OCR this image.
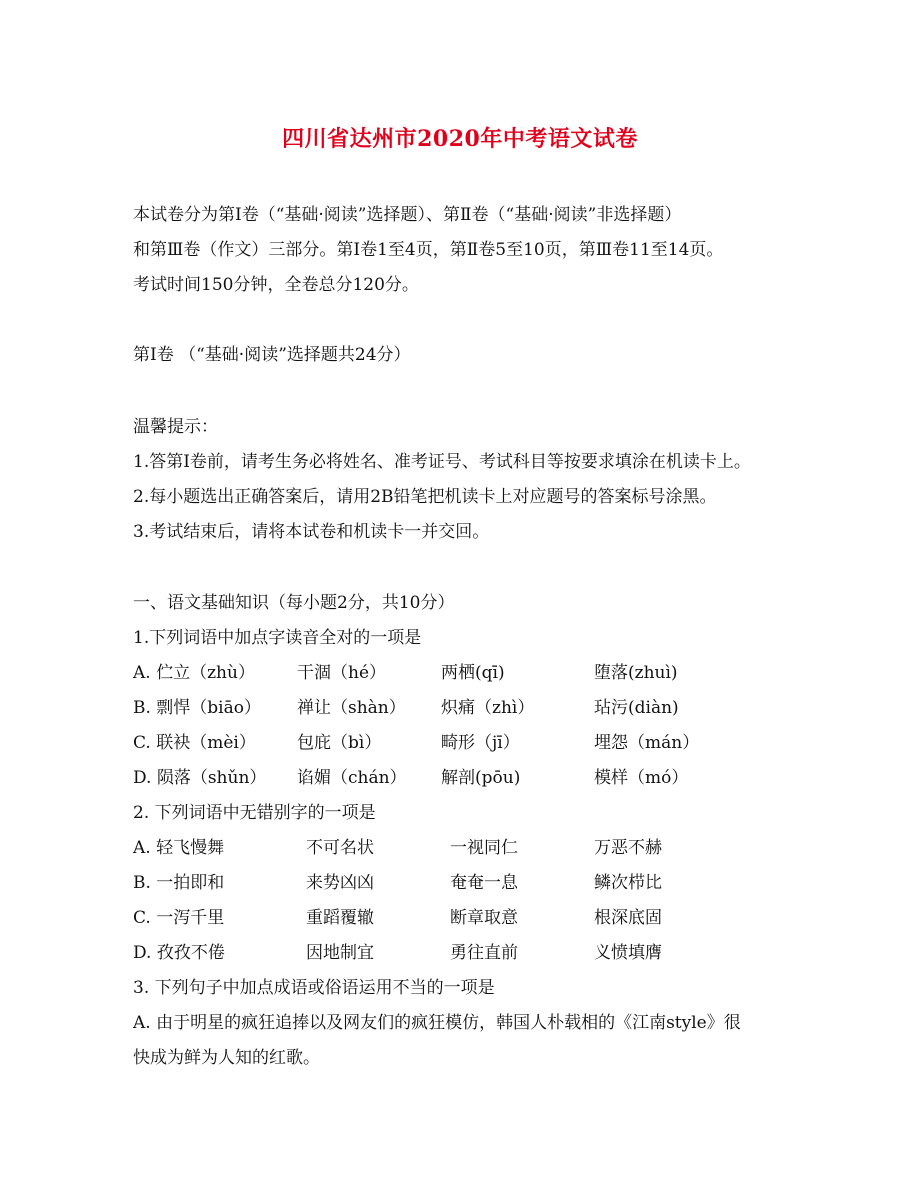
四川省达州市2020年中考语文试卷
本试卷分为第Ⅰ卷（“基础·阅读”选择题）、第Ⅱ卷（“基础·阅读”非选择题）
和第Ⅲ卷（作文）三部分。第Ⅰ卷1至4页，第Ⅱ卷5至10页，第Ⅲ卷11至14页。
考试时间150分钟，全卷总分120分。
第Ⅰ卷 （“基础·阅读”选择题共24分）
温馨提示：
1.答第Ⅰ卷前，请考生务必将姓名、准考证号、考试科目等按要求填涂在机读卡上。
2.每小题选出正确答案后，请用2B铅笔把机读卡上对应题号的答案标号涂黑。
3.考试结束后，请将本试卷和机读卡一并交回。
一、语文基础知识（每小题2分，共10分）
1.下列词语中加点字读音全对的一项是
A. 伫立（zhù） 干涸（hé）	两栖(qī)	堕落(zhuì)
B. 剽悍（biāo） 禅让（shàn） 炽痛（zhì）	玷污(diàn)
C. 联袂（mèi） 包庇（bì）	畸形（jī）	埋怨（mán）
D. 陨落（shǔn） 谄媚（chán） 解剖(pōu)	模样（mó）
2. 下列词语中无错别字的一项是
A. 轻飞慢舞	不可名状	一视同仁	万恶不赫
B. 一拍即和	来势凶凶	奄奄一息	鳞次栉比
C. 一泻千里	重蹈覆辙	断章取意	根深底固
D. 孜孜不倦	因地制宜	勇往直前	义愤填膺
3. 下列句子中加点成语或俗语运用不当的一项是
A. 由于明星的疯狂追捧以及网友们的疯狂模仿，韩国人朴载相的《江南style》很
快成为鲜为人知的红歌。
